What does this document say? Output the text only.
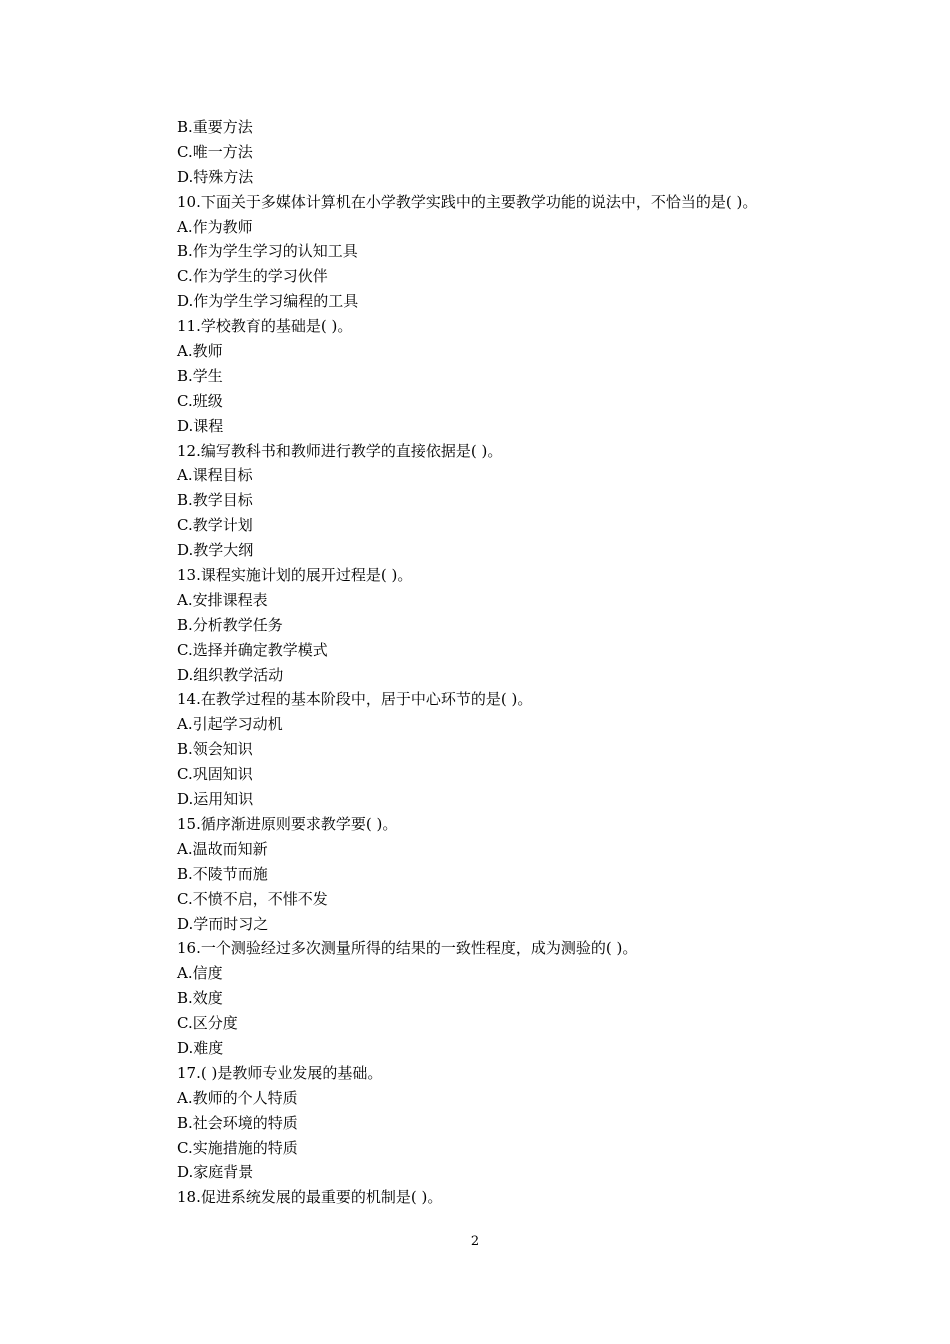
B.重要方法
C.唯一方法
D.特殊方法
10.下面关于多媒体计算机在小学教学实践中的主要教学功能的说法中，不恰当的是( )。
A.作为教师
B.作为学生学习的认知工具
C.作为学生的学习伙伴
D.作为学生学习编程的工具
11.学校教育的基础是( )。
A.教师
B.学生
C.班级
D.课程
12.编写教科书和教师进行教学的直接依据是( )。
A.课程目标
B.教学目标
C.教学计划
D.教学大纲
13.课程实施计划的展开过程是( )。
A.安排课程表
B.分析教学任务
C.选择并确定教学模式
D.组织教学活动
14.在教学过程的基本阶段中，居于中心环节的是( )。
A.引起学习动机
B.领会知识
C.巩固知识
D.运用知识
15.循序渐进原则要求教学要( )。
A.温故而知新
B.不陵节而施
C.不愤不启，不悱不发
D.学而时习之
16.一个测验经过多次测量所得的结果的一致性程度，成为测验的( )。
A.信度
B.效度
C.区分度
D.难度
17.( )是教师专业发展的基础。
A.教师的个人特质
B.社会环境的特质
C.实施措施的特质
D.家庭背景
18.促进系统发展的最重要的机制是( )。
2
